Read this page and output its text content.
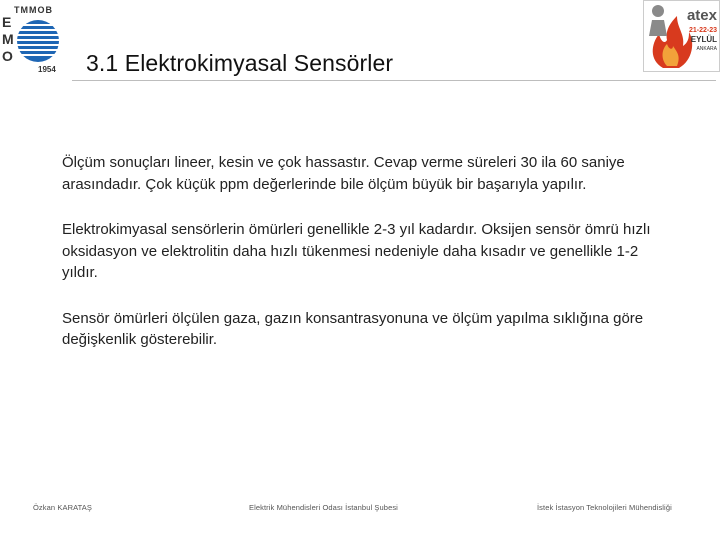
TMMOB
E
M
O
1954 3.1 Elektrokimyasal Sensörler
atex
21-22-23
EYLÜL
ANKARA

Ölçüm sonuçları lineer, kesin ve çok hassastır. Cevap verme süreleri 30 ila 60 saniye arasındadır. Çok küçük ppm değerlerinde bile ölçüm büyük bir başarıyla yapılır.

Elektrokimyasal sensörlerin ömürleri genellikle 2-3 yıl kadardır. Oksijen sensör ömrü hızlı oksidasyon ve elektrolitin daha hızlı tükenmesi nedeniyle daha kısadır ve genellikle 1-2 yıldır.

Sensör ömürleri ölçülen gaza, gazın konsantrasyonuna ve ölçüm yapılma sıklığına göre değişkenlik gösterebilir.

Özkan KARATAŞ	Elektrik Mühendisleri Odası İstanbul Şubesi	İstek İstasyon Teknolojileri Mühendisliği
